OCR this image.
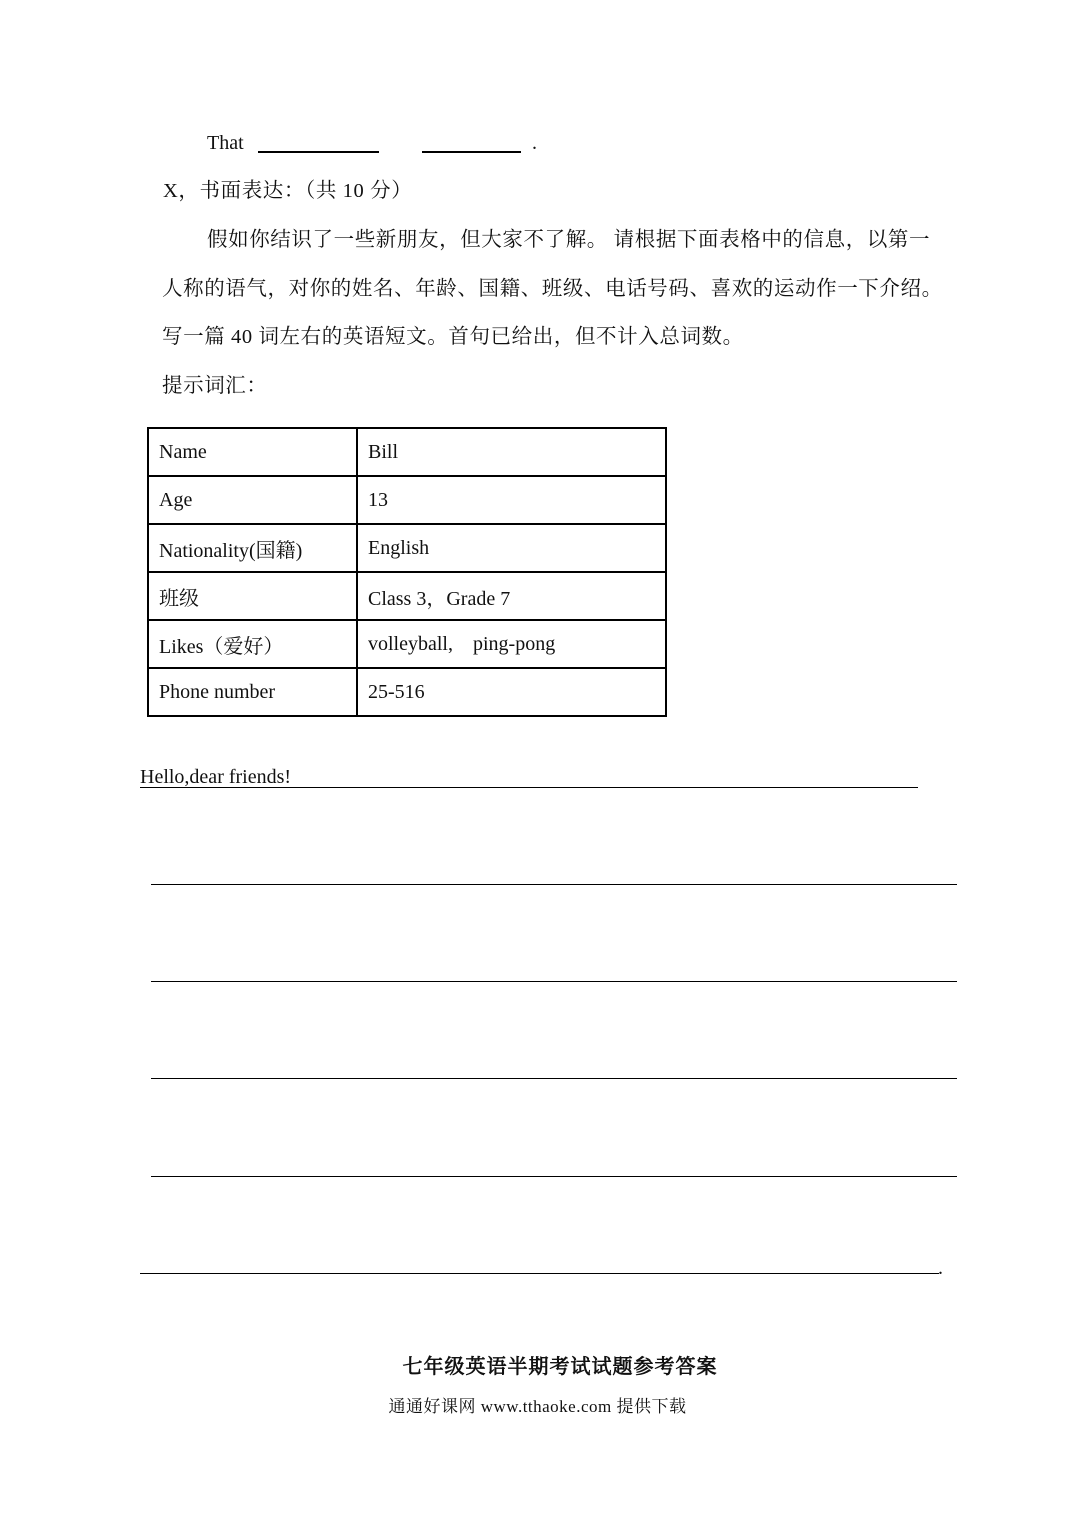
That	.
X，书面表达：（共 10 分）
假如你结识了一些新朋友，但大家不了解。 请根据下面表格中的信息，以第一
人称的语气，对你的姓名、年龄、国籍、班级、电话号码、喜欢的运动作一下介绍。
写一篇 40 词左右的英语短文。首句已给出，但不计入总词数。
提示词汇：
Name	Bill
Age	13
Nationality(国籍)	English
班级	Class 3，Grade 7
Likes（爱好）	volleyball,    ping-pong
Phone number	25-516
Hello,dear friends!
.
七年级英语半期考试试题参考答案
通通好课网 www.tthaoke.com 提供下载
